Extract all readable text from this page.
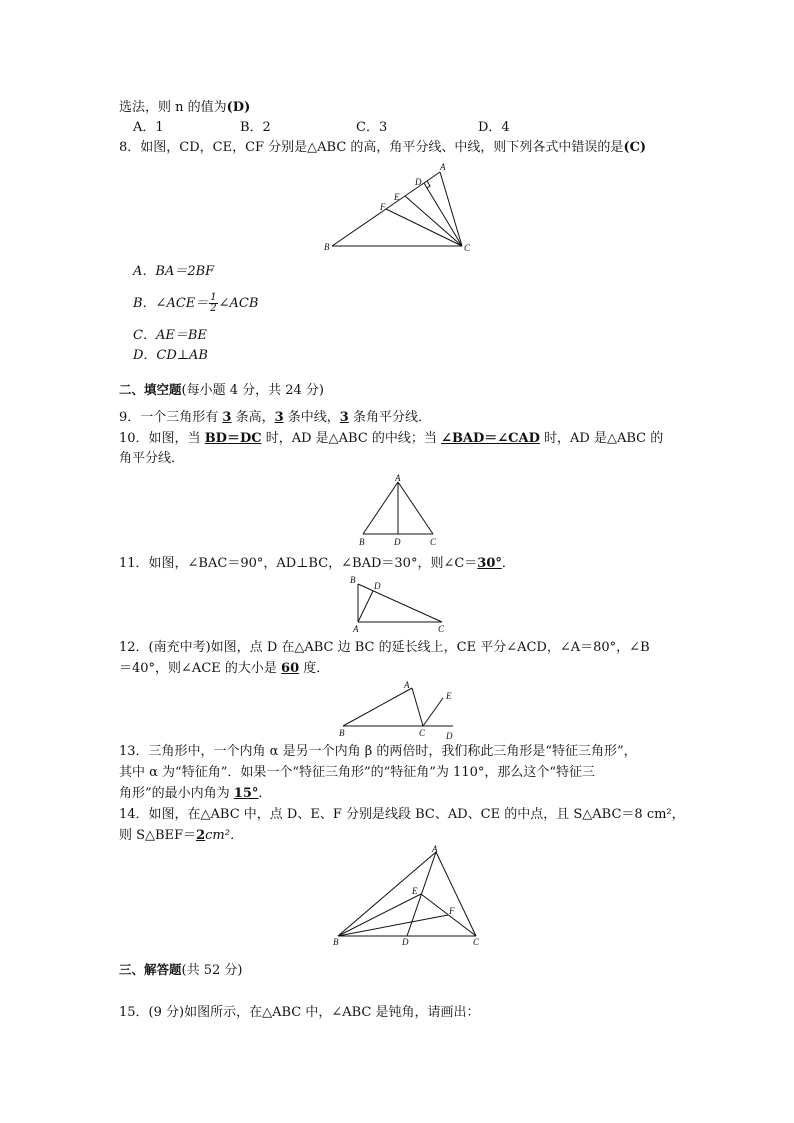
选法，则 n 的值为(D)
A．1	B．2	C．3	D．4
8．如图，CD，CE，CF 分别是△ABC 的高，角平分线、中线，则下列各式中错误的是(C)
B	C
A
D
E
F
A．BA＝2BF
B．∠ACE＝ $\frac{1}{2}$ ∠ACB
C．AE＝BE
D．CD⊥AB
二、填空题(每小题 4 分，共 24 分)
9．一个三角形有 3 条高，3 条中线，3 条角平分线．
10．如图，当 BD＝DC 时，AD 是△ABC 的中线；当 ∠BAD＝∠CAD 时，AD 是△ABC 的
角平分线．
A
B	D	C
11．如图，∠BAC＝90°，AD⊥BC，∠BAD＝30°，则∠C＝30°．
B
D
A	C
12．(南充中考)如图，点 D 在△ABC 边 BC 的延长线上，CE 平分∠ACD，∠A＝80°，∠B
＝40°，则∠ACE 的大小是 60 度．
A
E
B	C D
13．三角形中，一个内角 α 是另一个内角 β 的两倍时，我们称此三角形是“特征三角形”，
其中 α 为“特征角”．如果一个“特征三角形”的“特征角”为 110°，那么这个“特征三
角形”的最小内角为 15°．
14．如图，在△ABC 中，点 D、E、F 分别是线段 BC、AD、CE 的中点，且 S△ABC＝8 cm²，
则 S△BEF＝2cm²．
A
E
F
B	D	C
三、解答题(共 52 分)
15．(9 分)如图所示，在△ABC 中，∠ABC 是钝角，请画出：
